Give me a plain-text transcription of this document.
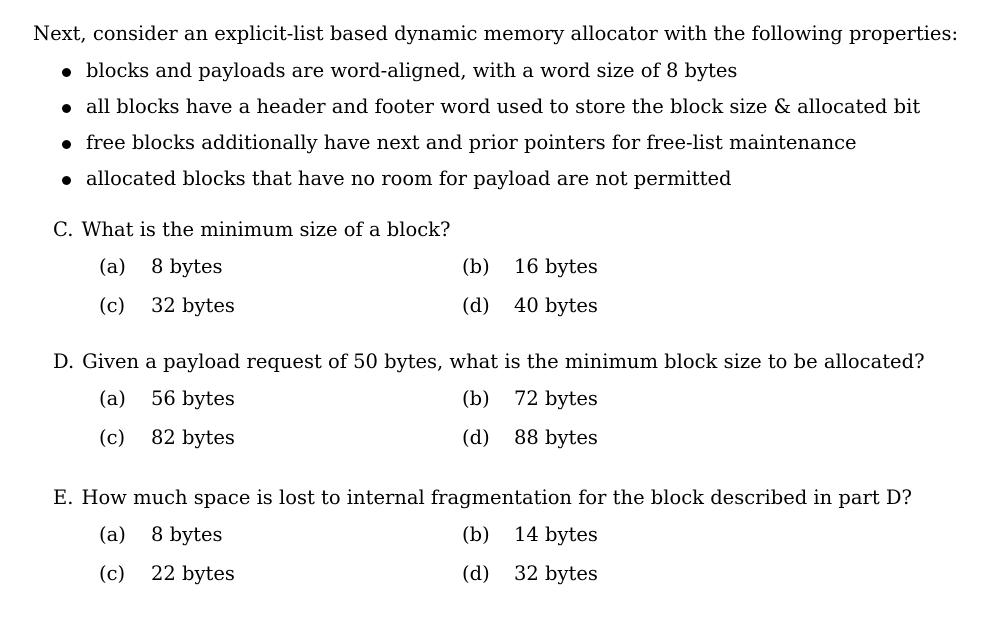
Next, consider an explicit-list based dynamic memory allocator with the following properties:
blocks and payloads are word-aligned, with a word size of 8 bytes
all blocks have a header and footer word used to store the block size & allocated bit
free blocks additionally have next and prior pointers for free-list maintenance
allocated blocks that have no room for payload are not permitted
C. What is the minimum size of a block?
(a) 8 bytes	(b) 16 bytes
(c) 32 bytes	(d) 40 bytes
D. Given a payload request of 50 bytes, what is the minimum block size to be allocated?
(a) 56 bytes	(b) 72 bytes
(c) 82 bytes	(d) 88 bytes
E. How much space is lost to internal fragmentation for the block described in part D?
(a) 8 bytes	(b) 14 bytes
(c) 22 bytes	(d) 32 bytes
